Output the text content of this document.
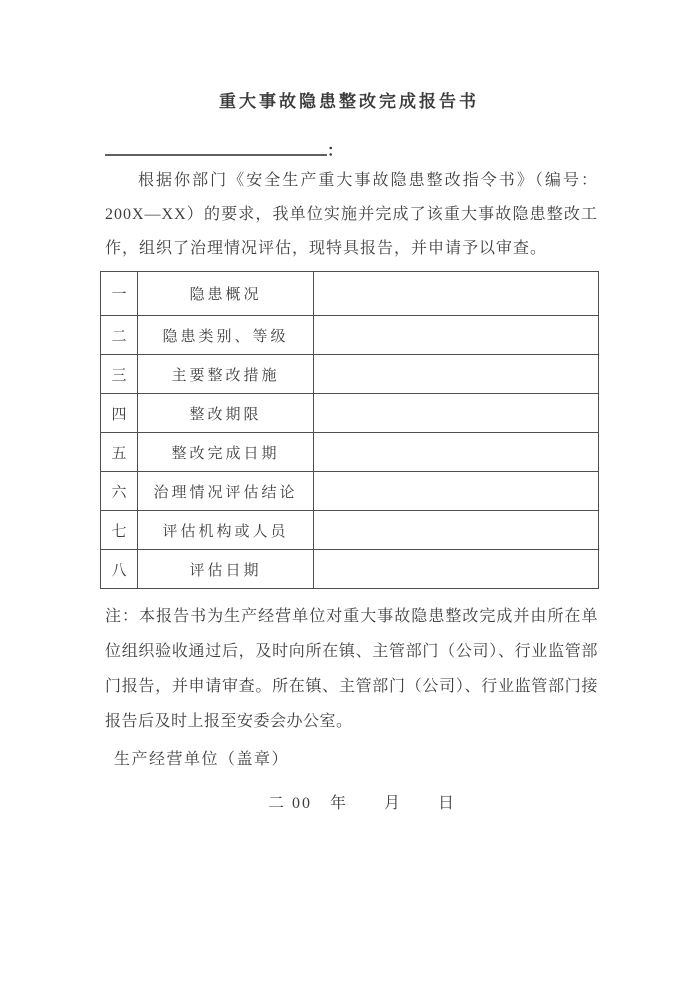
重大事故隐患整改完成报告书
：

根据你部门《安全生产重大事故隐患整改指令书》（编号：200X—XX）的要求，我单位实施并完成了该重大事故隐患整改工作，组织了治理情况评估，现特具报告，并申请予以审查。

一	隐患概况	
二	隐患类别、等级	
三	主要整改措施	
四	整改期限	
五	整改完成日期	
六	治理情况评估结论	
七	评估机构或人员	
八	评估日期	

注：本报告书为生产经营单位对重大事故隐患整改完成并由所在单位组织验收通过后，及时向所在镇、主管部门（公司）、行业监管部门报告，并申请审查。所在镇、主管部门（公司）、行业监管部门接报告后及时上报至安委会办公室。

生产经营单位（盖章）
二 00　年　　月　　日
